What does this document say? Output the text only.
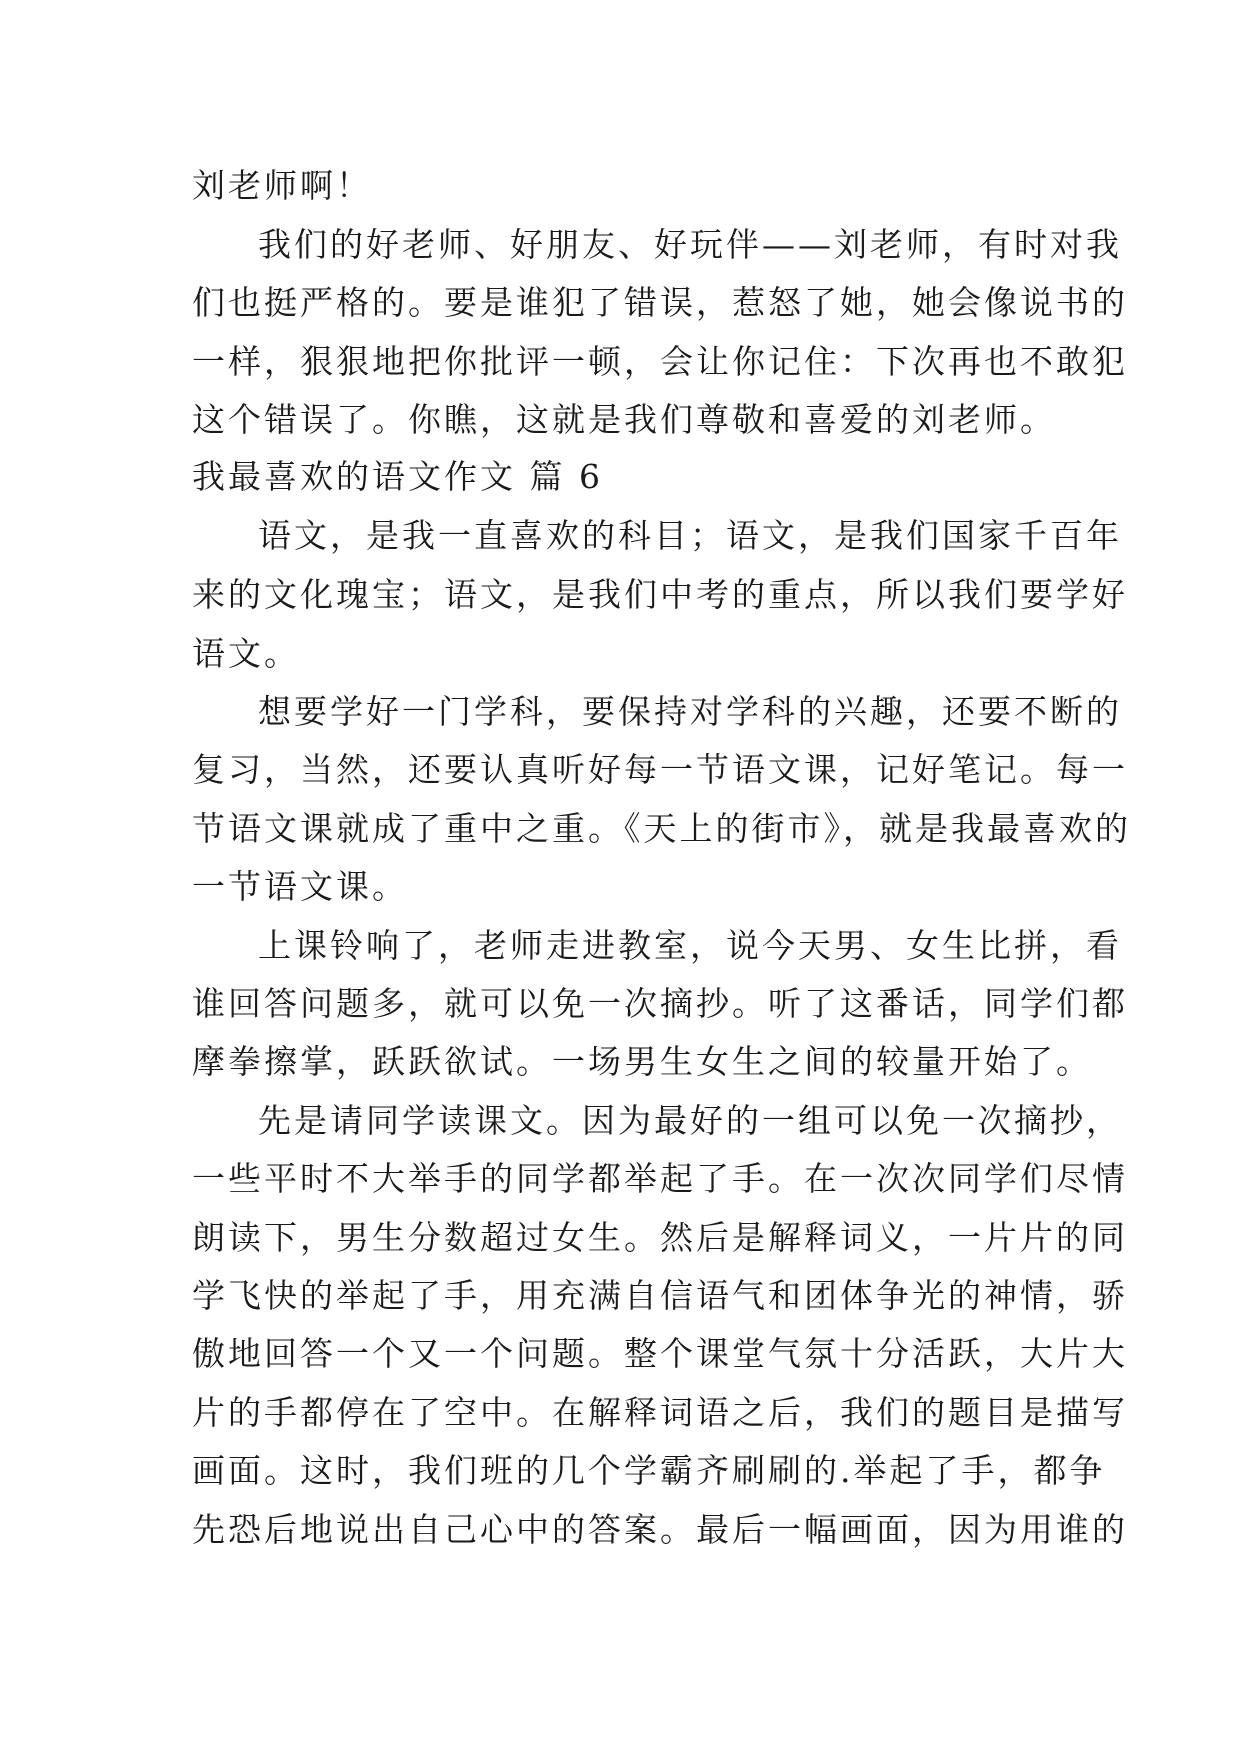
刘老师啊！

我们的好老师、好朋友、好玩伴——刘老师，有时对我

们也挺严格的。要是谁犯了错误，惹怒了她，她会像说书的

一样，狠狠地把你批评一顿，会让你记住：下次再也不敢犯

这个错误了。你瞧，这就是我们尊敬和喜爱的刘老师。

我最喜欢的语文作文 篇 6

语文，是我一直喜欢的科目；语文，是我们国家千百年

来的文化瑰宝；语文，是我们中考的重点，所以我们要学好

语文。

想要学好一门学科，要保持对学科的兴趣，还要不断的

复习，当然，还要认真听好每一节语文课，记好笔记。每一

节语文课就成了重中之重。《天上的街市》，就是我最喜欢的

一节语文课。

上课铃响了，老师走进教室，说今天男、女生比拼，看

谁回答问题多，就可以免一次摘抄。听了这番话，同学们都

摩拳擦掌，跃跃欲试。一场男生女生之间的较量开始了。

先是请同学读课文。因为最好的一组可以免一次摘抄，

一些平时不大举手的同学都举起了手。在一次次同学们尽情

朗读下，男生分数超过女生。然后是解释词义，一片片的同

学飞快的举起了手，用充满自信语气和团体争光的神情，骄

傲地回答一个又一个问题。整个课堂气氛十分活跃，大片大

片的手都停在了空中。在解释词语之后，我们的题目是描写

画面。这时，我们班的几个学霸齐刷刷的.举起了手，都争

先恐后地说出自己心中的答案。最后一幅画面，因为用谁的
